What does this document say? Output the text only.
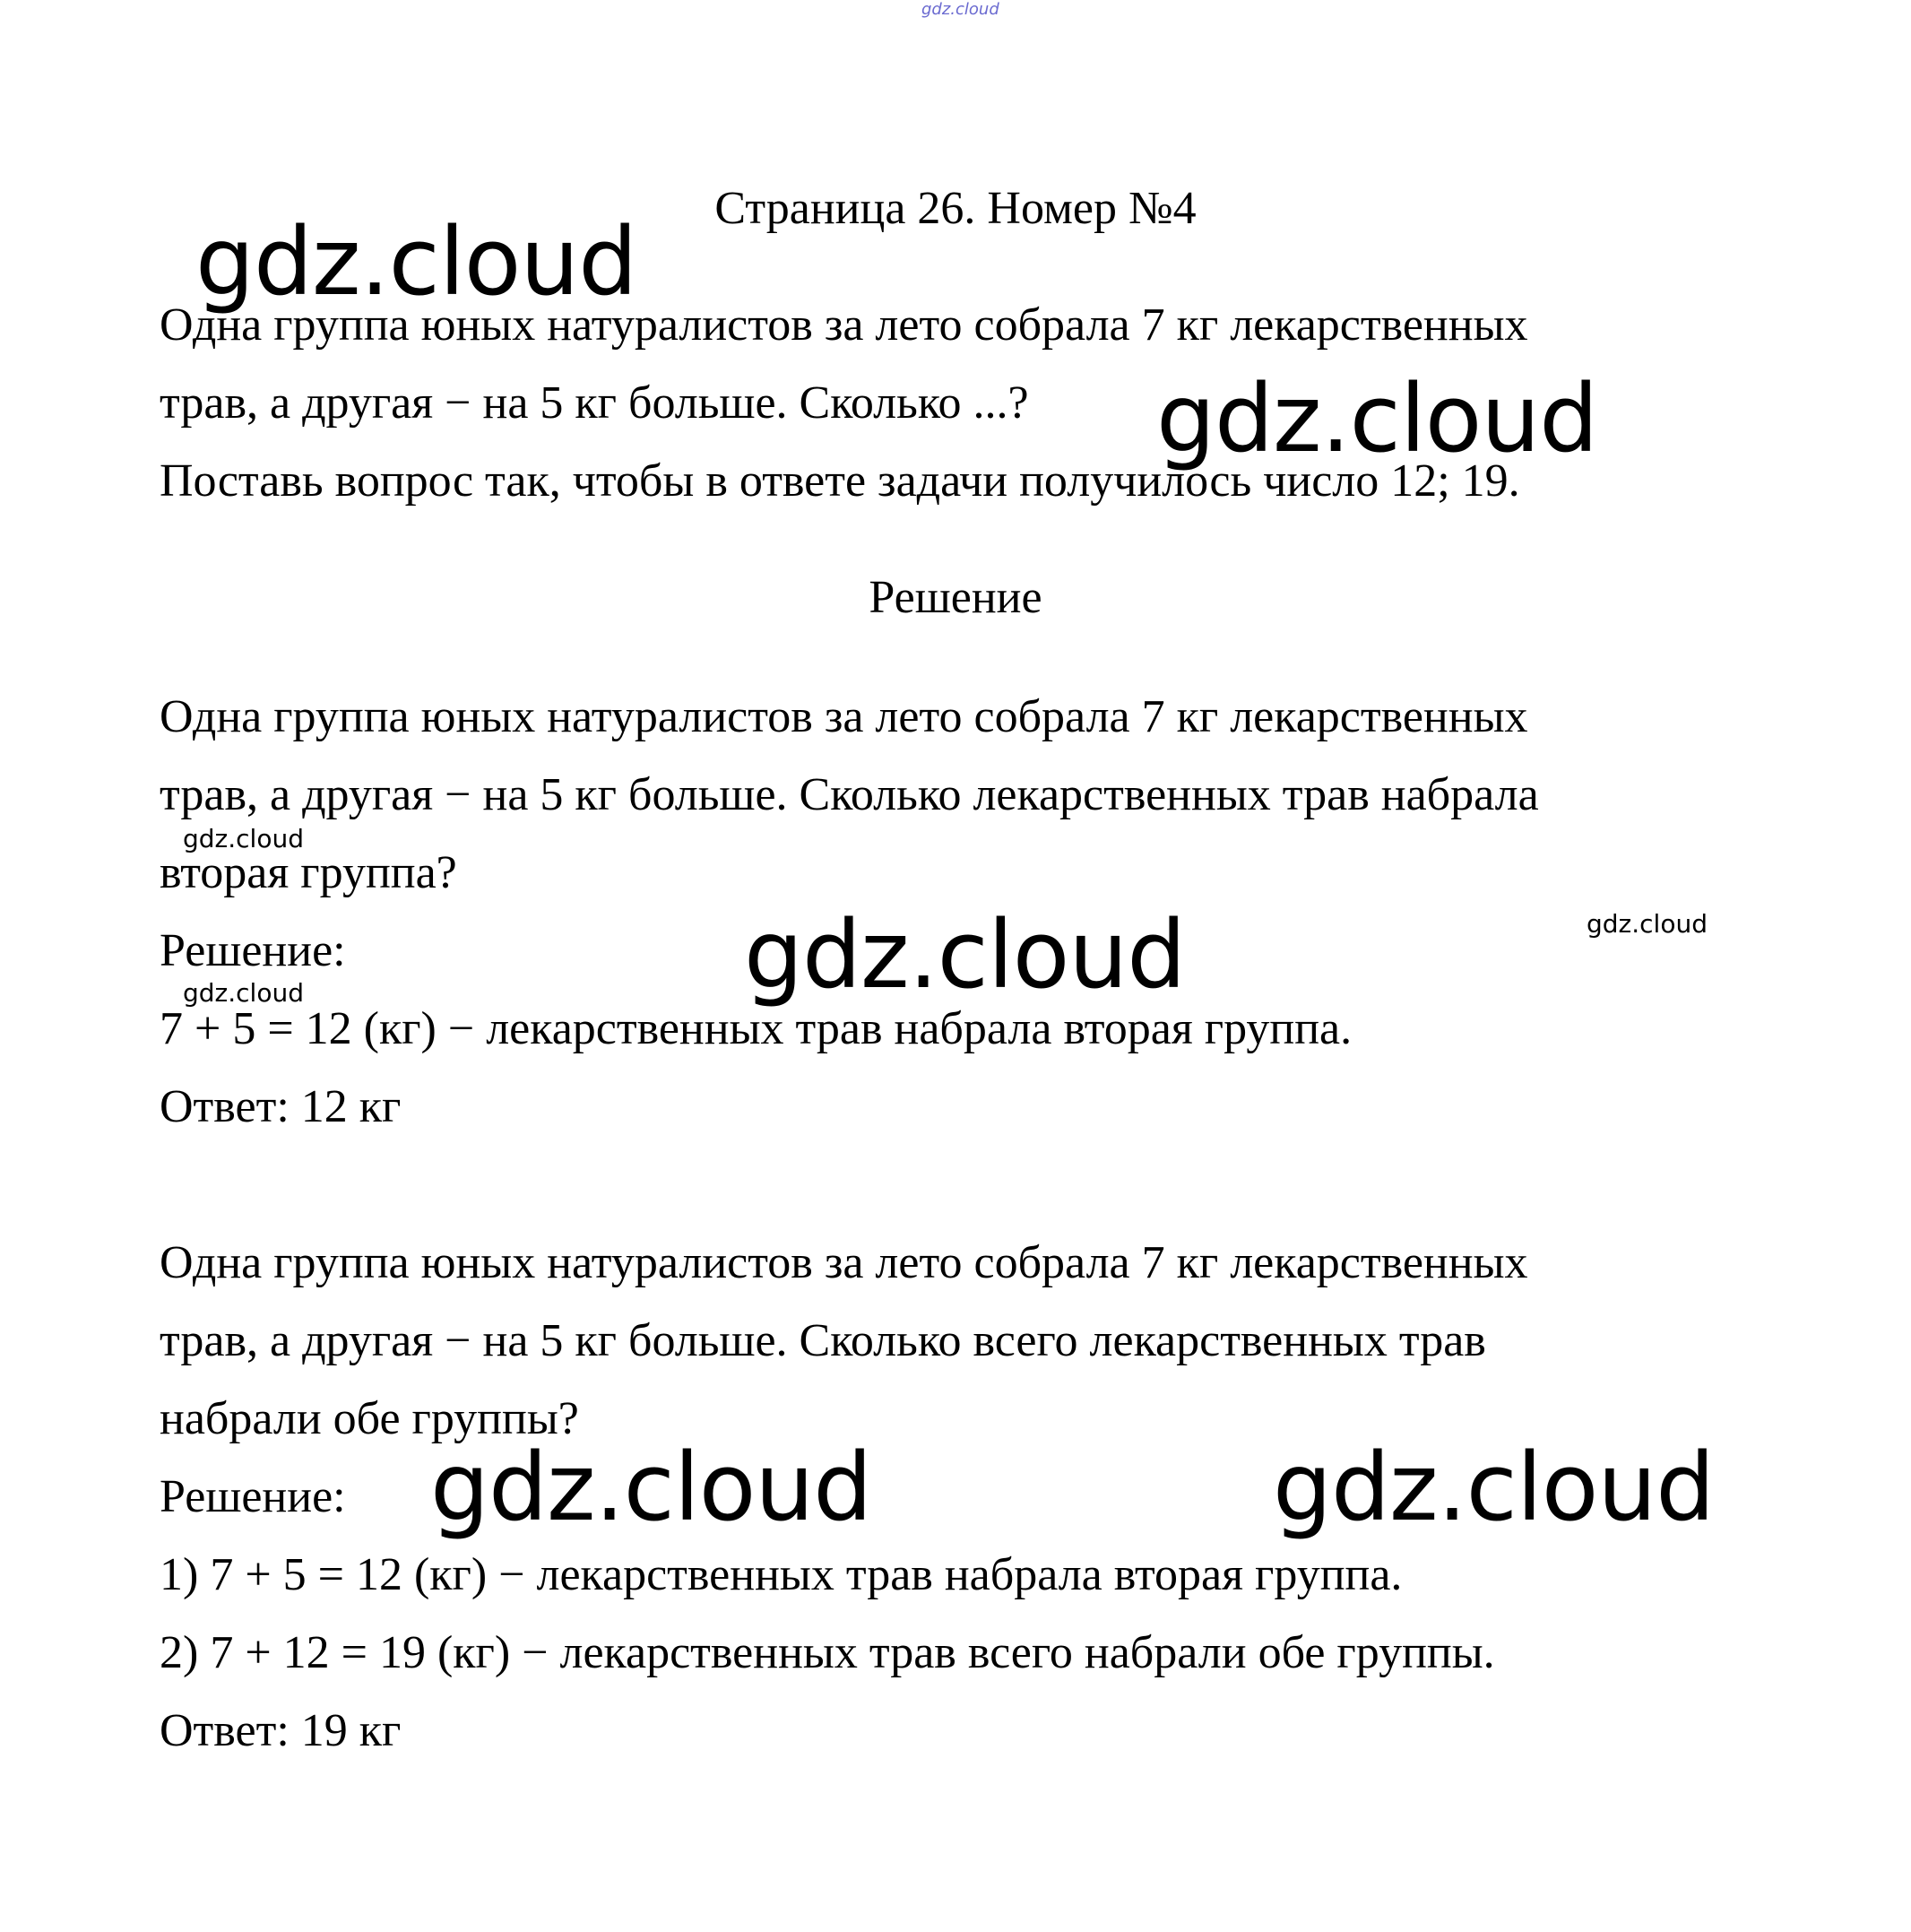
gdz.cloud
Страница 26. Номер №4
Одна группа юных натуралистов за лето собрала 7 кг лекарственных
трав, а другая − на 5 кг больше. Сколько ...?
Поставь вопрос так, чтобы в ответе задачи получилось число 12; 19.
Решение
Одна группа юных натуралистов за лето собрала 7 кг лекарственных
трав, а другая − на 5 кг больше. Сколько лекарственных трав набрала
вторая группа?
Решение:
7 + 5 = 12 (кг) − лекарственных трав набрала вторая группа.
Ответ: 12 кг
Одна группа юных натуралистов за лето собрала 7 кг лекарственных
трав, а другая − на 5 кг больше. Сколько всего лекарственных трав
набрали обе группы?
Решение:
1) 7 + 5 = 12 (кг) − лекарственных трав набрала вторая группа.
2) 7 + 12 = 19 (кг) − лекарственных трав всего набрали обе группы.
Ответ: 19 кг
gdz.cloud
gdz.cloud
gdz.cloud
gdz.cloud	gdz.cloud
gdz.cloud
gdz.cloud
gdz.cloud
